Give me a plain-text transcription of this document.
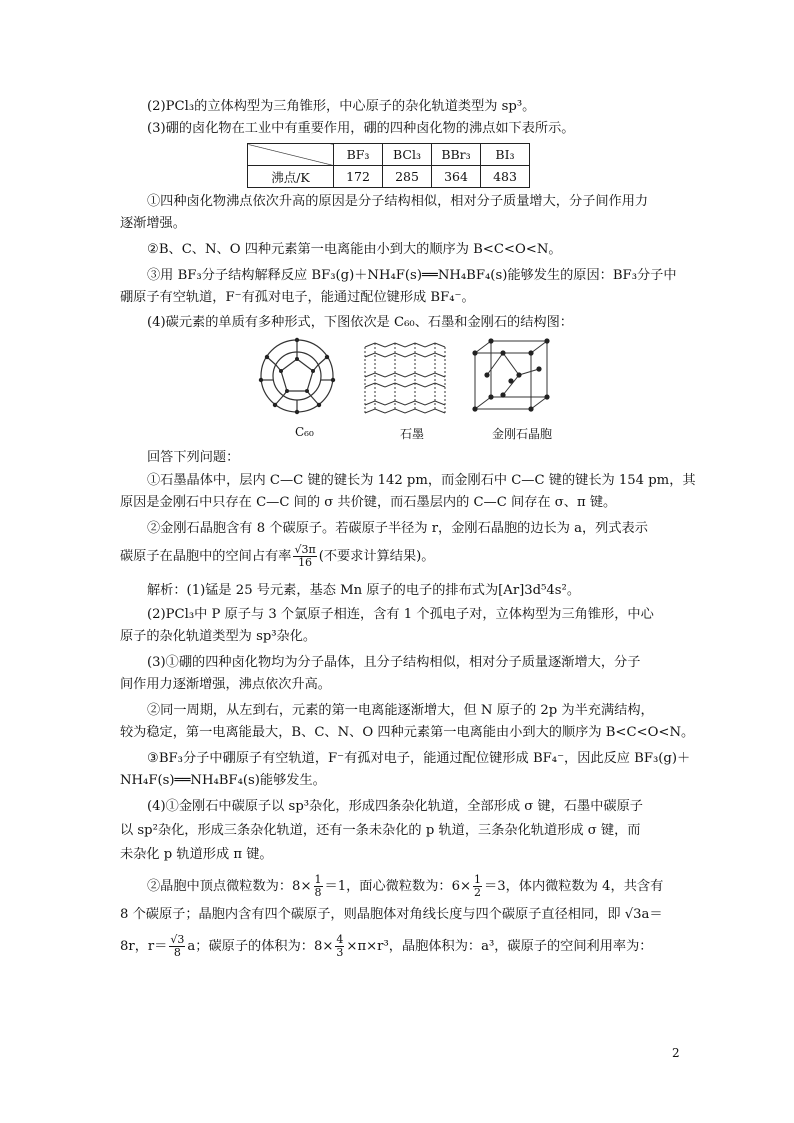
(2)PCl₃的立体构型为三角锥形，中心原子的杂化轨道类型为 sp³。
(3)硼的卤化物在工业中有重要作用，硼的四种卤化物的沸点如下表所示。
	BF₃	BCl₃	BBr₃	BI₃
沸点/K	172	285	364	483
①四种卤化物沸点依次升高的原因是分子结构相似，相对分子质量增大，分子间作用力
逐渐增强。
②B、C、N、O 四种元素第一电离能由小到大的顺序为 B<C<O<N。
③用 BF₃分子结构解释反应 BF₃(g)＋NH₄F(s)══NH₄BF₄(s)能够发生的原因：BF₃分子中
硼原子有空轨道，F⁻有孤对电子，能通过配位键形成 BF₄⁻。
(4)碳元素的单质有多种形式，下图依次是 C₆₀、石墨和金刚石的结构图：
C₆₀	石墨	金刚石晶胞
回答下列问题：
①石墨晶体中，层内 C—C 键的键长为 142 pm，而金刚石中 C—C 键的键长为 154 pm，其
原因是金刚石中只存在 C—C 间的 σ 共价键，而石墨层内的 C—C 间存在 σ、π 键。
②金刚石晶胞含有 8 个碳原子。若碳原子半径为 r，金刚石晶胞的边长为 a，列式表示
碳原子在晶胞中的空间占有率 $\frac{√3\pi}{16}$ (不要求计算结果)。
解析：(1)锰是 25 号元素，基态 Mn 原子的电子的排布式为[Ar]3d⁵4s²。
(2)PCl₃中 P 原子与 3 个氯原子相连，含有 1 个孤电子对，立体构型为三角锥形，中心
原子的杂化轨道类型为 sp³杂化。
(3)①硼的四种卤化物均为分子晶体，且分子结构相似，相对分子质量逐渐增大，分子
间作用力逐渐增强，沸点依次升高。
②同一周期，从左到右，元素的第一电离能逐渐增大，但 N 原子的 2p 为半充满结构，
较为稳定，第一电离能最大，B、C、N、O 四种元素第一电离能由小到大的顺序为 B<C<O<N。
③BF₃分子中硼原子有空轨道，F⁻有孤对电子，能通过配位键形成 BF₄⁻，因此反应 BF₃(g)＋
NH₄F(s)══NH₄BF₄(s)能够发生。
(4)①金刚石中碳原子以 sp³杂化，形成四条杂化轨道，全部形成 σ 键，石墨中碳原子
以 sp²杂化，形成三条杂化轨道，还有一条未杂化的 p 轨道，三条杂化轨道形成 σ 键，而
未杂化 p 轨道形成 π 键。
②晶胞中顶点微粒数为：$8\times \frac{1}{8} =1$，面心微粒数为：$6\times \frac{1}{2} =3$，体内微粒数为 4，共含有
8 个碳原子；晶胞内含有四个碳原子，则晶胞体对角线长度与四个碳原子直径相同，即 √3a＝
8r，$r= \frac{√3}{8}$ a；碳原子的体积为：$8\times \frac{4}{3} \times\pi\times r^3$，晶胞体积为：a³，碳原子的空间利用率为：
2
